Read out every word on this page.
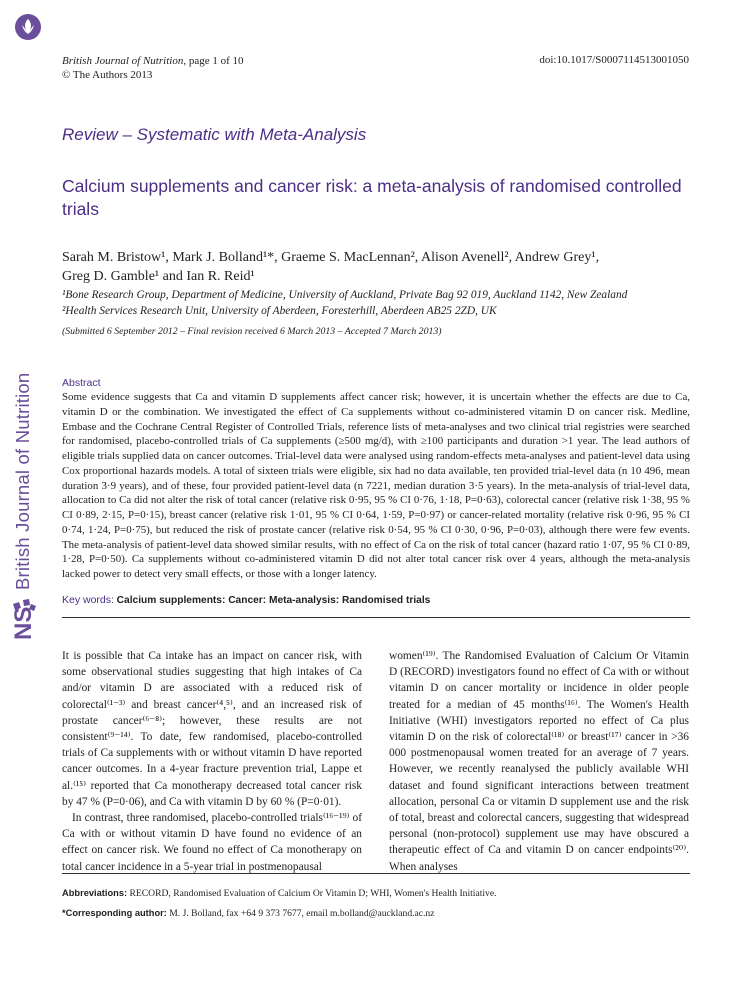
British Journal of Nutrition
NS
British Journal of Nutrition, page 1 of 10
© The Authors 2013
doi:10.1017/S0007114513001050
Review – Systematic with Meta-Analysis
Calcium supplements and cancer risk: a meta-analysis of randomised controlled trials
Sarah M. Bristow¹, Mark J. Bolland¹*, Graeme S. MacLennan², Alison Avenell², Andrew Grey¹,
Greg D. Gamble¹ and Ian R. Reid¹
¹Bone Research Group, Department of Medicine, University of Auckland, Private Bag 92 019, Auckland 1142, New Zealand
²Health Services Research Unit, University of Aberdeen, Foresterhill, Aberdeen AB25 2ZD, UK
(Submitted 6 September 2012 – Final revision received 6 March 2013 – Accepted 7 March 2013)
Abstract
Some evidence suggests that Ca and vitamin D supplements affect cancer risk; however, it is uncertain whether the effects are due to Ca, vitamin D or the combination. We investigated the effect of Ca supplements without co-administered vitamin D on cancer risk. Medline, Embase and the Cochrane Central Register of Controlled Trials, reference lists of meta-analyses and two clinical trial registries were searched for randomised, placebo-controlled trials of Ca supplements (≥500 mg/d), with ≥100 participants and duration >1 year. The lead authors of eligible trials supplied data on cancer outcomes. Trial-level data were analysed using random-effects meta-analyses and patient-level data using Cox proportional hazards models. A total of sixteen trials were eligible, six had no data available, ten provided trial-level data (n 10 496, mean duration 3·9 years), and of these, four provided patient-level data (n 7221, median duration 3·5 years). In the meta-analysis of trial-level data, allocation to Ca did not alter the risk of total cancer (relative risk 0·95, 95 % CI 0·76, 1·18, P=0·63), colorectal cancer (relative risk 1·38, 95 % CI 0·89, 2·15, P=0·15), breast cancer (relative risk 1·01, 95 % CI 0·64, 1·59, P=0·97) or cancer-related mortality (relative risk 0·96, 95 % CI 0·74, 1·24, P=0·75), but reduced the risk of prostate cancer (relative risk 0·54, 95 % CI 0·30, 0·96, P=0·03), although there were few events. The meta-analysis of patient-level data showed similar results, with no effect of Ca on the risk of total cancer (hazard ratio 1·07, 95 % CI 0·89, 1·28, P=0·50). Ca supplements without co-administered vitamin D did not alter total cancer risk over 4 years, although the meta-analysis lacked power to detect very small effects, or those with a longer latency.
Key words: Calcium supplements: Cancer: Meta-analysis: Randomised trials

It is possible that Ca intake has an impact on cancer risk, with some observational studies suggesting that high intakes of Ca and/or vitamin D are associated with a reduced risk of colorectal⁽¹⁻³⁾ and breast cancer⁽⁴,⁵⁾, and an increased risk of prostate cancer⁽⁶⁻⁸⁾; however, these results are not consistent⁽⁹⁻¹⁴⁾. To date, few randomised, placebo-controlled trials of Ca supplements with or without vitamin D have reported cancer outcomes. In a 4-year fracture prevention trial, Lappe et al.⁽¹⁵⁾ reported that Ca monotherapy decreased total cancer risk by 47 % (P=0·06), and Ca with vitamin D by 60 % (P=0·01).

In contrast, three randomised, placebo-controlled trials⁽¹⁶⁻¹⁹⁾ of Ca with or without vitamin D have found no evidence of an effect on cancer risk. We found no effect of Ca monotherapy on total cancer incidence in a 5-year trial in postmenopausal

women⁽¹⁹⁾. The Randomised Evaluation of Calcium Or Vitamin D (RECORD) investigators found no effect of Ca with or without vitamin D on cancer mortality or incidence in older people treated for a median of 45 months⁽¹⁶⁾. The Women's Health Initiative (WHI) investigators reported no effect of Ca plus vitamin D on the risk of colorectal⁽¹⁸⁾ or breast⁽¹⁷⁾ cancer in >36 000 postmenopausal women treated for an average of 7 years. However, we recently reanalysed the publicly available WHI dataset and found significant interactions between treatment allocation, personal Ca or vitamin D supplement use and the risk of total, breast and colorectal cancers, suggesting that widespread personal (non-protocol) supplement use may have obscured a therapeutic effect of Ca and vitamin D on cancer endpoints⁽²⁰⁾. When analyses

Abbreviations: RECORD, Randomised Evaluation of Calcium Or Vitamin D; WHI, Women's Health Initiative.
*Corresponding author: M. J. Bolland, fax +64 9 373 7677, email m.bolland@auckland.ac.nz
